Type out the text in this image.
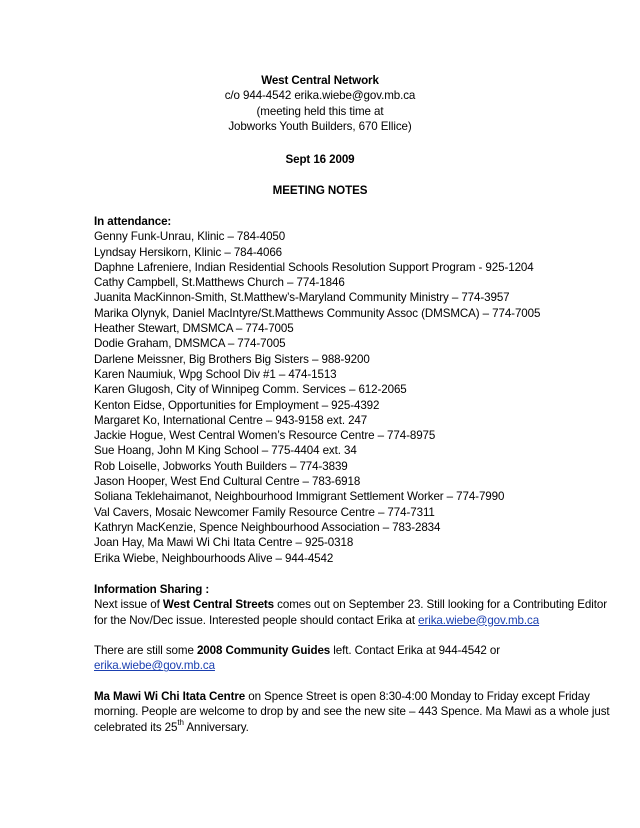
West Central Network
c/o 944-4542 erika.wiebe@gov.mb.ca
(meeting held this time at
Jobworks Youth Builders, 670 Ellice)
Sept 16 2009
MEETING NOTES
In attendance:
Genny Funk-Unrau, Klinic – 784-4050
Lyndsay Hersikorn, Klinic – 784-4066
Daphne Lafreniere, Indian Residential Schools Resolution Support Program - 925-1204
Cathy Campbell, St.Matthews Church – 774-1846
Juanita MacKinnon-Smith, St.Matthew’s-Maryland Community Ministry – 774-3957
Marika Olynyk, Daniel MacIntyre/St.Matthews Community Assoc (DMSMCA) – 774-7005
Heather Stewart, DMSMCA – 774-7005
Dodie Graham, DMSMCA – 774-7005
Darlene Meissner, Big Brothers Big Sisters – 988-9200
Karen Naumiuk, Wpg School Div #1 – 474-1513
Karen Glugosh, City of Winnipeg Comm. Services – 612-2065
Kenton Eidse, Opportunities for Employment – 925-4392
Margaret Ko, International Centre – 943-9158 ext. 247
Jackie Hogue, West Central Women’s Resource Centre – 774-8975
Sue Hoang, John M King School – 775-4404 ext. 34
Rob Loiselle, Jobworks Youth Builders – 774-3839
Jason Hooper, West End Cultural Centre – 783-6918
Soliana Teklehaimanot, Neighbourhood Immigrant Settlement Worker – 774-7990
Val Cavers, Mosaic Newcomer Family Resource Centre – 774-7311
Kathryn MacKenzie, Spence Neighbourhood Association – 783-2834
Joan Hay, Ma Mawi Wi Chi Itata Centre – 925-0318
Erika Wiebe, Neighbourhoods Alive – 944-4542
Information Sharing :
Next issue of West Central Streets comes out on September 23. Still looking for a Contributing Editor for the Nov/Dec issue. Interested people should contact Erika at erika.wiebe@gov.mb.ca
There are still some 2008 Community Guides left. Contact Erika at 944-4542 or erika.wiebe@gov.mb.ca
Ma Mawi Wi Chi Itata Centre on Spence Street is open 8:30-4:00 Monday to Friday except Friday morning. People are welcome to drop by and see the new site – 443 Spence. Ma Mawi as a whole just celebrated its 25th Anniversary.
